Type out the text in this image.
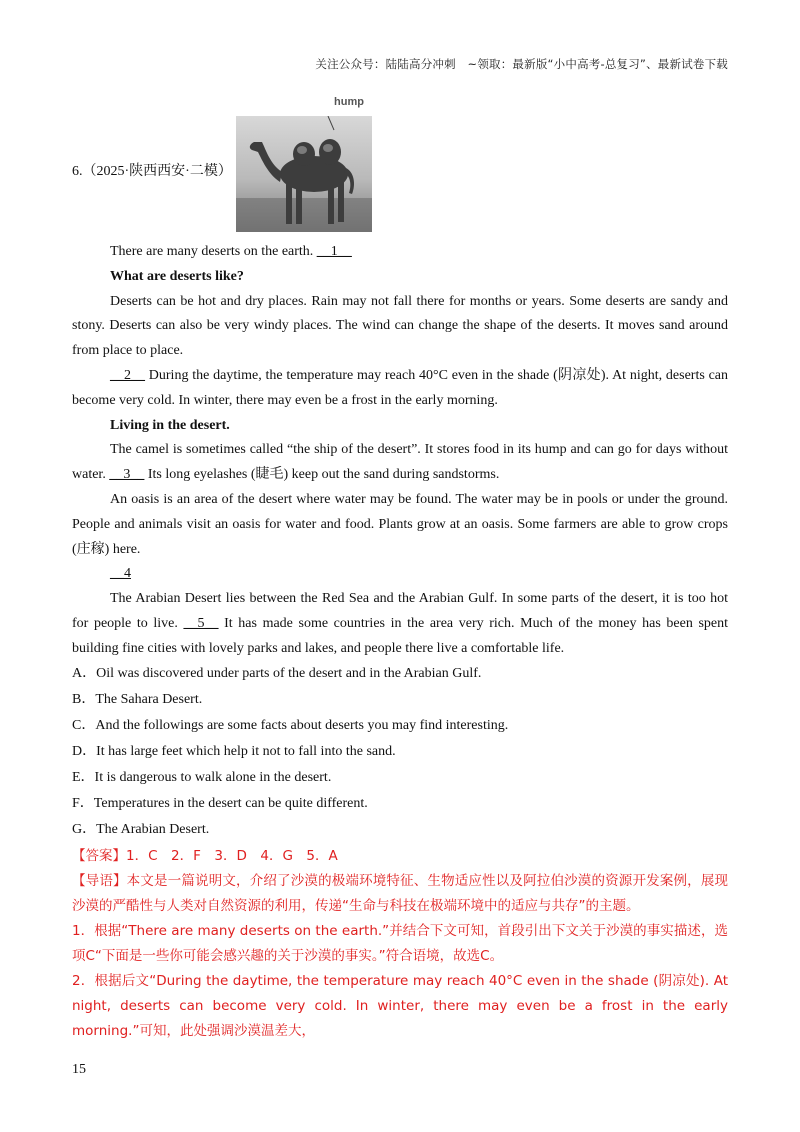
关注公众号：陆陆高分冲刺　~领取：最新版“小中高考-总复习”、最新试卷下载
6.（2025·陕西西安·二模）
hump

There are many deserts on the earth. __1__

What are deserts like?

Deserts can be hot and dry places. Rain may not fall there for months or years. Some deserts are sandy and stony. Deserts can also be very windy places. The wind can change the shape of the deserts. It moves sand around from place to place.

__2__ During the daytime, the temperature may reach 40°C even in the shade (阴凉处). At night, deserts can become very cold. In winter, there may even be a frost in the early morning.

Living in the desert.

The camel is sometimes called “the ship of the desert”. It stores food in its hump and can go for days without water. __3__ Its long eyelashes (睫毛) keep out the sand during sandstorms.

An oasis is an area of the desert where water may be found. The water may be in pools or under the ground. People and animals visit an oasis for water and food. Plants grow at an oasis. Some farmers are able to grow crops (庄稼) here.

__4

The Arabian Desert lies between the Red Sea and the Arabian Gulf. In some parts of the desert, it is too hot for people to live. __5__ It has made some countries in the area very rich. Much of the money has been spent building fine cities with lovely parks and lakes, and people there live a comfortable life.

A．Oil was discovered under parts of the desert and in the Arabian Gulf.

B．The Sahara Desert.

C．And the followings are some facts about deserts you may find interesting.

D．It has large feet which help it not to fall into the sand.

E．It is dangerous to walk alone in the desert.

F．Temperatures in the desert can be quite different.

G．The Arabian Desert.

【答案】1．C　2．F　3．D　4．G　5．A

【导语】本文是一篇说明文，介绍了沙漠的极端环境特征、生物适应性以及阿拉伯沙漠的资源开发案例，展现沙漠的严酷性与人类对自然资源的利用，传递“生命与科技在极端环境中的适应与共存”的主题。

1．根据“There are many deserts on the earth.”并结合下文可知，首段引出下文关于沙漠的事实描述，选项C“下面是一些你可能会感兴趣的关于沙漠的事实。”符合语境，故选C。

2．根据后文“During the daytime, the temperature may reach 40°C even in the shade (阴凉处). At night, deserts can become very cold. In winter, there may even be a frost in the early morning.”可知，此处强调沙漠温差大，

15
